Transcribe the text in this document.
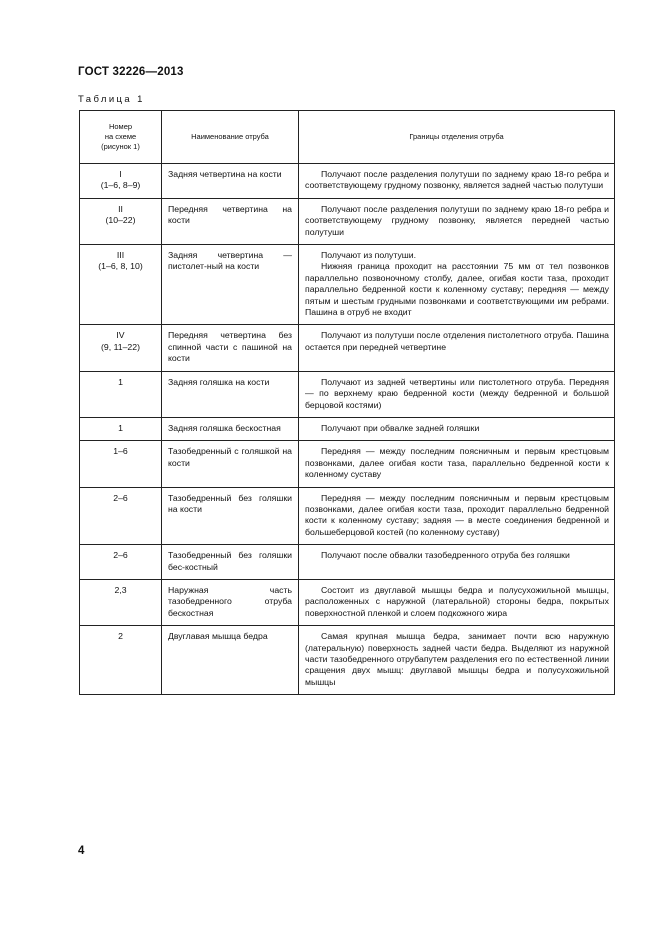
ГОСТ 32226—2013
Таблица 1
Номер
на схеме
(рисунок 1)	Наименование отруба	Границы отделения отруба
I
(1–6, 8–9)	Задняя четвертина на кости	Получают после разделения полутуши по заднему краю 18-го ребра и соответствующему грудному позвонку, является задней частью полутуши

II
(10–22)	Передняя четвертина на кости	Получают после разделения полутуши по заднему краю 18-го ребра и соответствующему грудному позвонку, является передней частью полутуши

III
(1–6, 8, 10)	Задняя четвертина — пистолет-ный на кости	Получают из полутуши.
Нижняя граница проходит на расстоянии 75 мм от тел позвонков параллельно позвоночному столбу, далее, огибая кости таза, проходит параллельно бедренной кости к коленному суставу; передняя — между пятым и шестым грудными позвонками и соответствующими им ребрами. Пашина в отруб не входит

IV
(9, 11–22)	Передняя четвертина без спинной части с пашиной на кости	Получают из полутуши после отделения пистолетного отруба. Пашина остается при передней четвертине

1	Задняя голяшка на кости	Получают из задней четвертины или пистолетного отруба. Передняя — по верхнему краю бедренной кости (между бедренной и большой берцовой костями)

1	Задняя голяшка бескостная	Получают при обвалке задней голяшки

1–6	Тазобедренный с голяшкой на кости	Передняя — между последним поясничным и первым крестцовым позвонками, далее огибая кости таза, параллельно бедренной кости к коленному суставу

2–6	Тазобедренный без голяшки на кости	Передняя — между последним поясничным и первым крестцовым позвонками, далее огибая кости таза, проходит параллельно бедренной кости к коленному суставу; задняя — в месте соединения бедренной и большеберцовой костей (по коленному суставу)

2–6	Тазобедренный без голяшки бес-костный	Получают после обвалки тазобедренного отруба без голяшки

2,3	Наружная часть тазобедренного отруба бескостная	Состоит из двуглавой мышцы бедра и полусухожильной мышцы, расположенных с наружной (латеральной) стороны бедра, покрытых поверхностной пленкой и слоем подкожного жира

2	Двуглавая мышца бедра	Самая крупная мышца бедра, занимает почти всю наружную (латеральную) поверхность задней части бедра. Выделяют из наружной части тазобедренного отрубапутем разделения его по естественной линии сращения двух мышц: двуглавой мышцы бедра и полусухожильной мышцы
4
